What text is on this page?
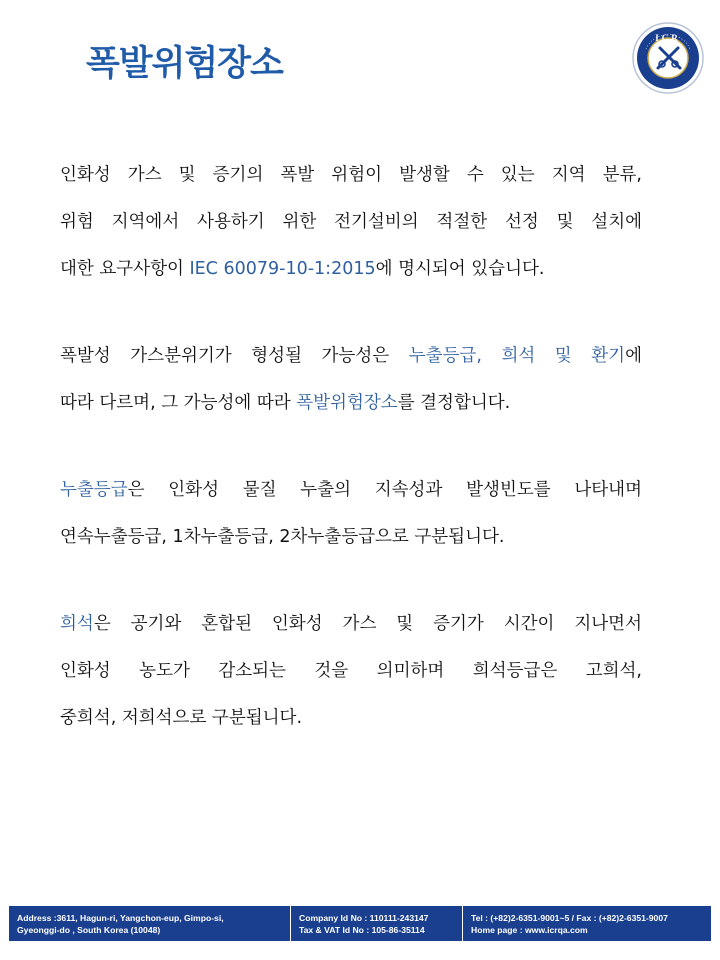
폭발위험장소
ICR
인화성 가스 및 증기의 폭발 위험이 발생할 수 있는 지역 분류,
위험 지역에서 사용하기 위한 전기설비의 적절한 선정 및 설치에
대한 요구사항이 IEC 60079-10-1:2015에 명시되어 있습니다.
폭발성 가스분위기가 형성될 가능성은 누출등급, 희석 및 환기에
따라 다르며, 그 가능성에 따라 폭발위험장소를 결정합니다.
누출등급은 인화성 물질 누출의 지속성과 발생빈도를 나타내며
연속누출등급, 1차누출등급, 2차누출등급으로 구분됩니다.
희석은 공기와 혼합된 인화성 가스 및 증기가 시간이 지나면서
인화성 농도가 감소되는 것을 의미하며 희석등급은 고희석,
중희석, 저희석으로 구분됩니다.
Address :3611, Hagun-ri, Yangchon-eup, Gimpo-si,
Gyeonggi-do , South Korea (10048)
Company Id No : 110111-243147
Tax & VAT Id No : 105-86-35114
Tel : (+82)2-6351-9001~5 / Fax : (+82)2-6351-9007
Home page : www.icrqa.com
